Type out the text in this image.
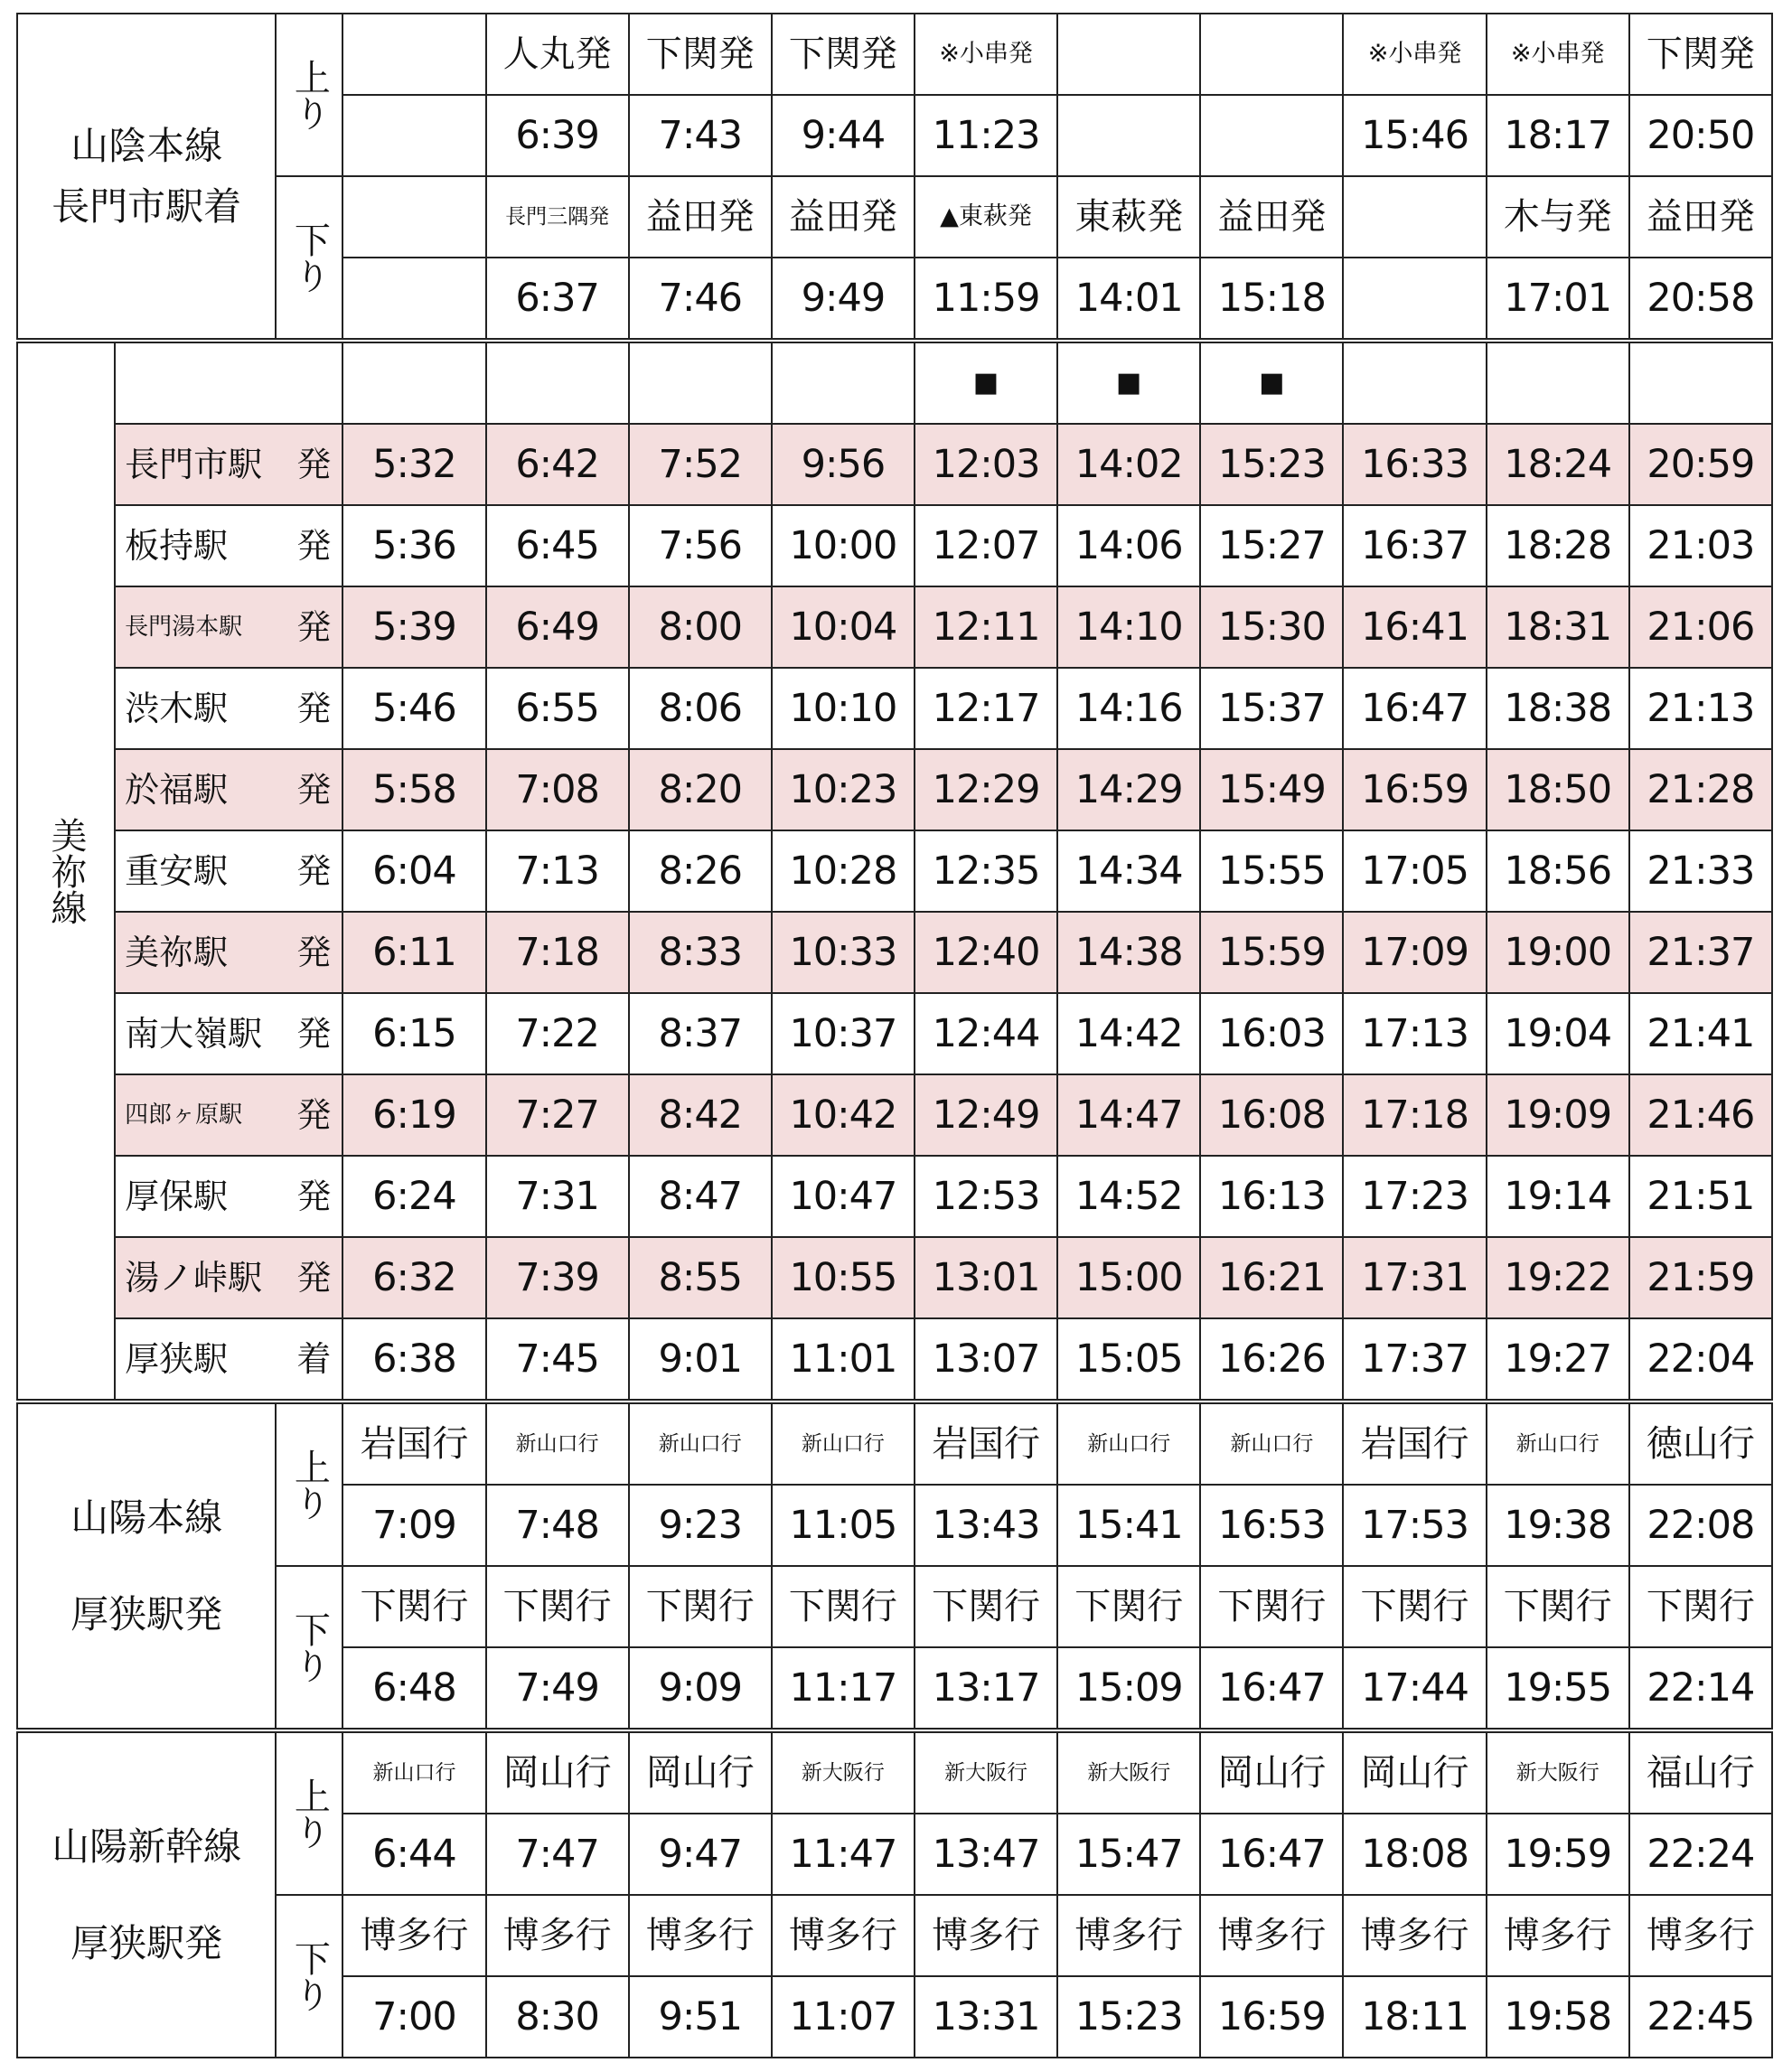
山陰本線
長門市駅着		上り		人丸発	下関発	下関発	※小串発			※小串発	※小串発	下関発
				6:39	7:43	9:44	11:23			15:46	18:17	20:50
		下り		長門三隅発	益田発	益田発	▲東萩発	東萩発	益田発		木与発	益田発
				6:37	7:46	9:49	11:59	14:01	15:18		17:01	20:58

美祢線							■	■	■			
	長門市駅 発		5:32	6:42	7:52	9:56	12:03	14:02	15:23	16:33	18:24	20:59
	板持駅 発		5:36	6:45	7:56	10:00	12:07	14:06	15:27	16:37	18:28	21:03
	長門湯本駅 発		5:39	6:49	8:00	10:04	12:11	14:10	15:30	16:41	18:31	21:06
	渋木駅 発		5:46	6:55	8:06	10:10	12:17	14:16	15:37	16:47	18:38	21:13
	於福駅 発		5:58	7:08	8:20	10:23	12:29	14:29	15:49	16:59	18:50	21:28
	重安駅 発		6:04	7:13	8:26	10:28	12:35	14:34	15:55	17:05	18:56	21:33
	美祢駅 発		6:11	7:18	8:33	10:33	12:40	14:38	15:59	17:09	19:00	21:37
	南大嶺駅 発		6:15	7:22	8:37	10:37	12:44	14:42	16:03	17:13	19:04	21:41
	四郎ヶ原駅 発		6:19	7:27	8:42	10:42	12:49	14:47	16:08	17:18	19:09	21:46
	厚保駅 発		6:24	7:31	8:47	10:47	12:53	14:52	16:13	17:23	19:14	21:51
	湯ノ峠駅 発		6:32	7:39	8:55	10:55	13:01	15:00	16:21	17:31	19:22	21:59
	厚狭駅 着		6:38	7:45	9:01	11:01	13:07	15:05	16:26	17:37	19:27	22:04

山陽本線
厚狭駅発		上り	岩国行	新山口行	新山口行	新山口行	岩国行	新山口行	新山口行	岩国行	新山口行	徳山行
			7:09	7:48	9:23	11:05	13:43	15:41	16:53	17:53	19:38	22:08
		下り	下関行	下関行	下関行	下関行	下関行	下関行	下関行	下関行	下関行	下関行
			6:48	7:49	9:09	11:17	13:17	15:09	16:47	17:44	19:55	22:14

山陽新幹線
厚狭駅発		上り	新山口行	岡山行	岡山行	新大阪行	新大阪行	新大阪行	岡山行	岡山行	新大阪行	福山行
			6:44	7:47	9:47	11:47	13:47	15:47	16:47	18:08	19:59	22:24
		下り	博多行	博多行	博多行	博多行	博多行	博多行	博多行	博多行	博多行	博多行
			7:00	8:30	9:51	11:07	13:31	15:23	16:59	18:11	19:58	22:45
